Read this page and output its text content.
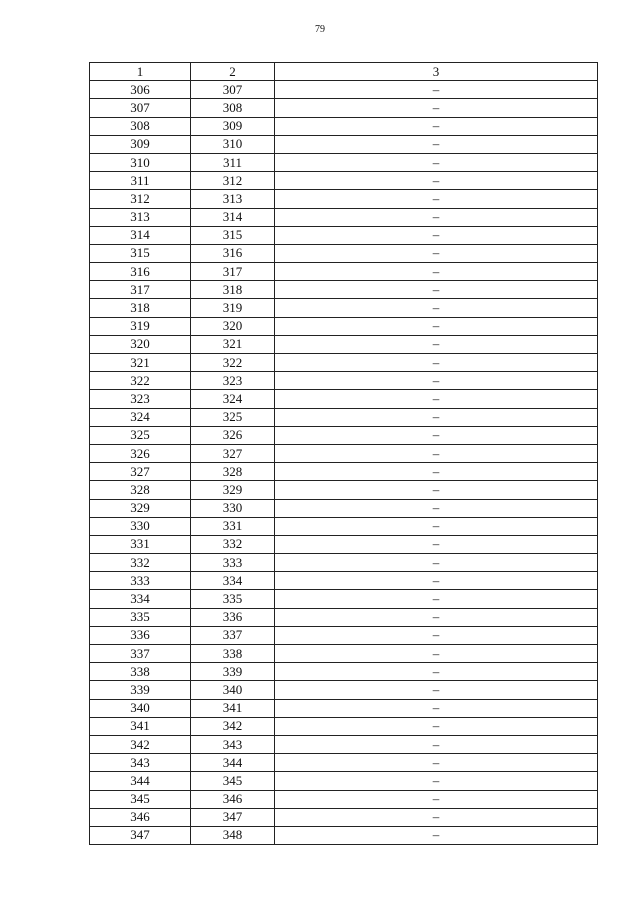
79
1	2	3
306	307	–
307	308	–
308	309	–
309	310	–
310	311	–
311	312	–
312	313	–
313	314	–
314	315	–
315	316	–
316	317	–
317	318	–
318	319	–
319	320	–
320	321	–
321	322	–
322	323	–
323	324	–
324	325	–
325	326	–
326	327	–
327	328	–
328	329	–
329	330	–
330	331	–
331	332	–
332	333	–
333	334	–
334	335	–
335	336	–
336	337	–
337	338	–
338	339	–
339	340	–
340	341	–
341	342	–
342	343	–
343	344	–
344	345	–
345	346	–
346	347	–
347	348	–
